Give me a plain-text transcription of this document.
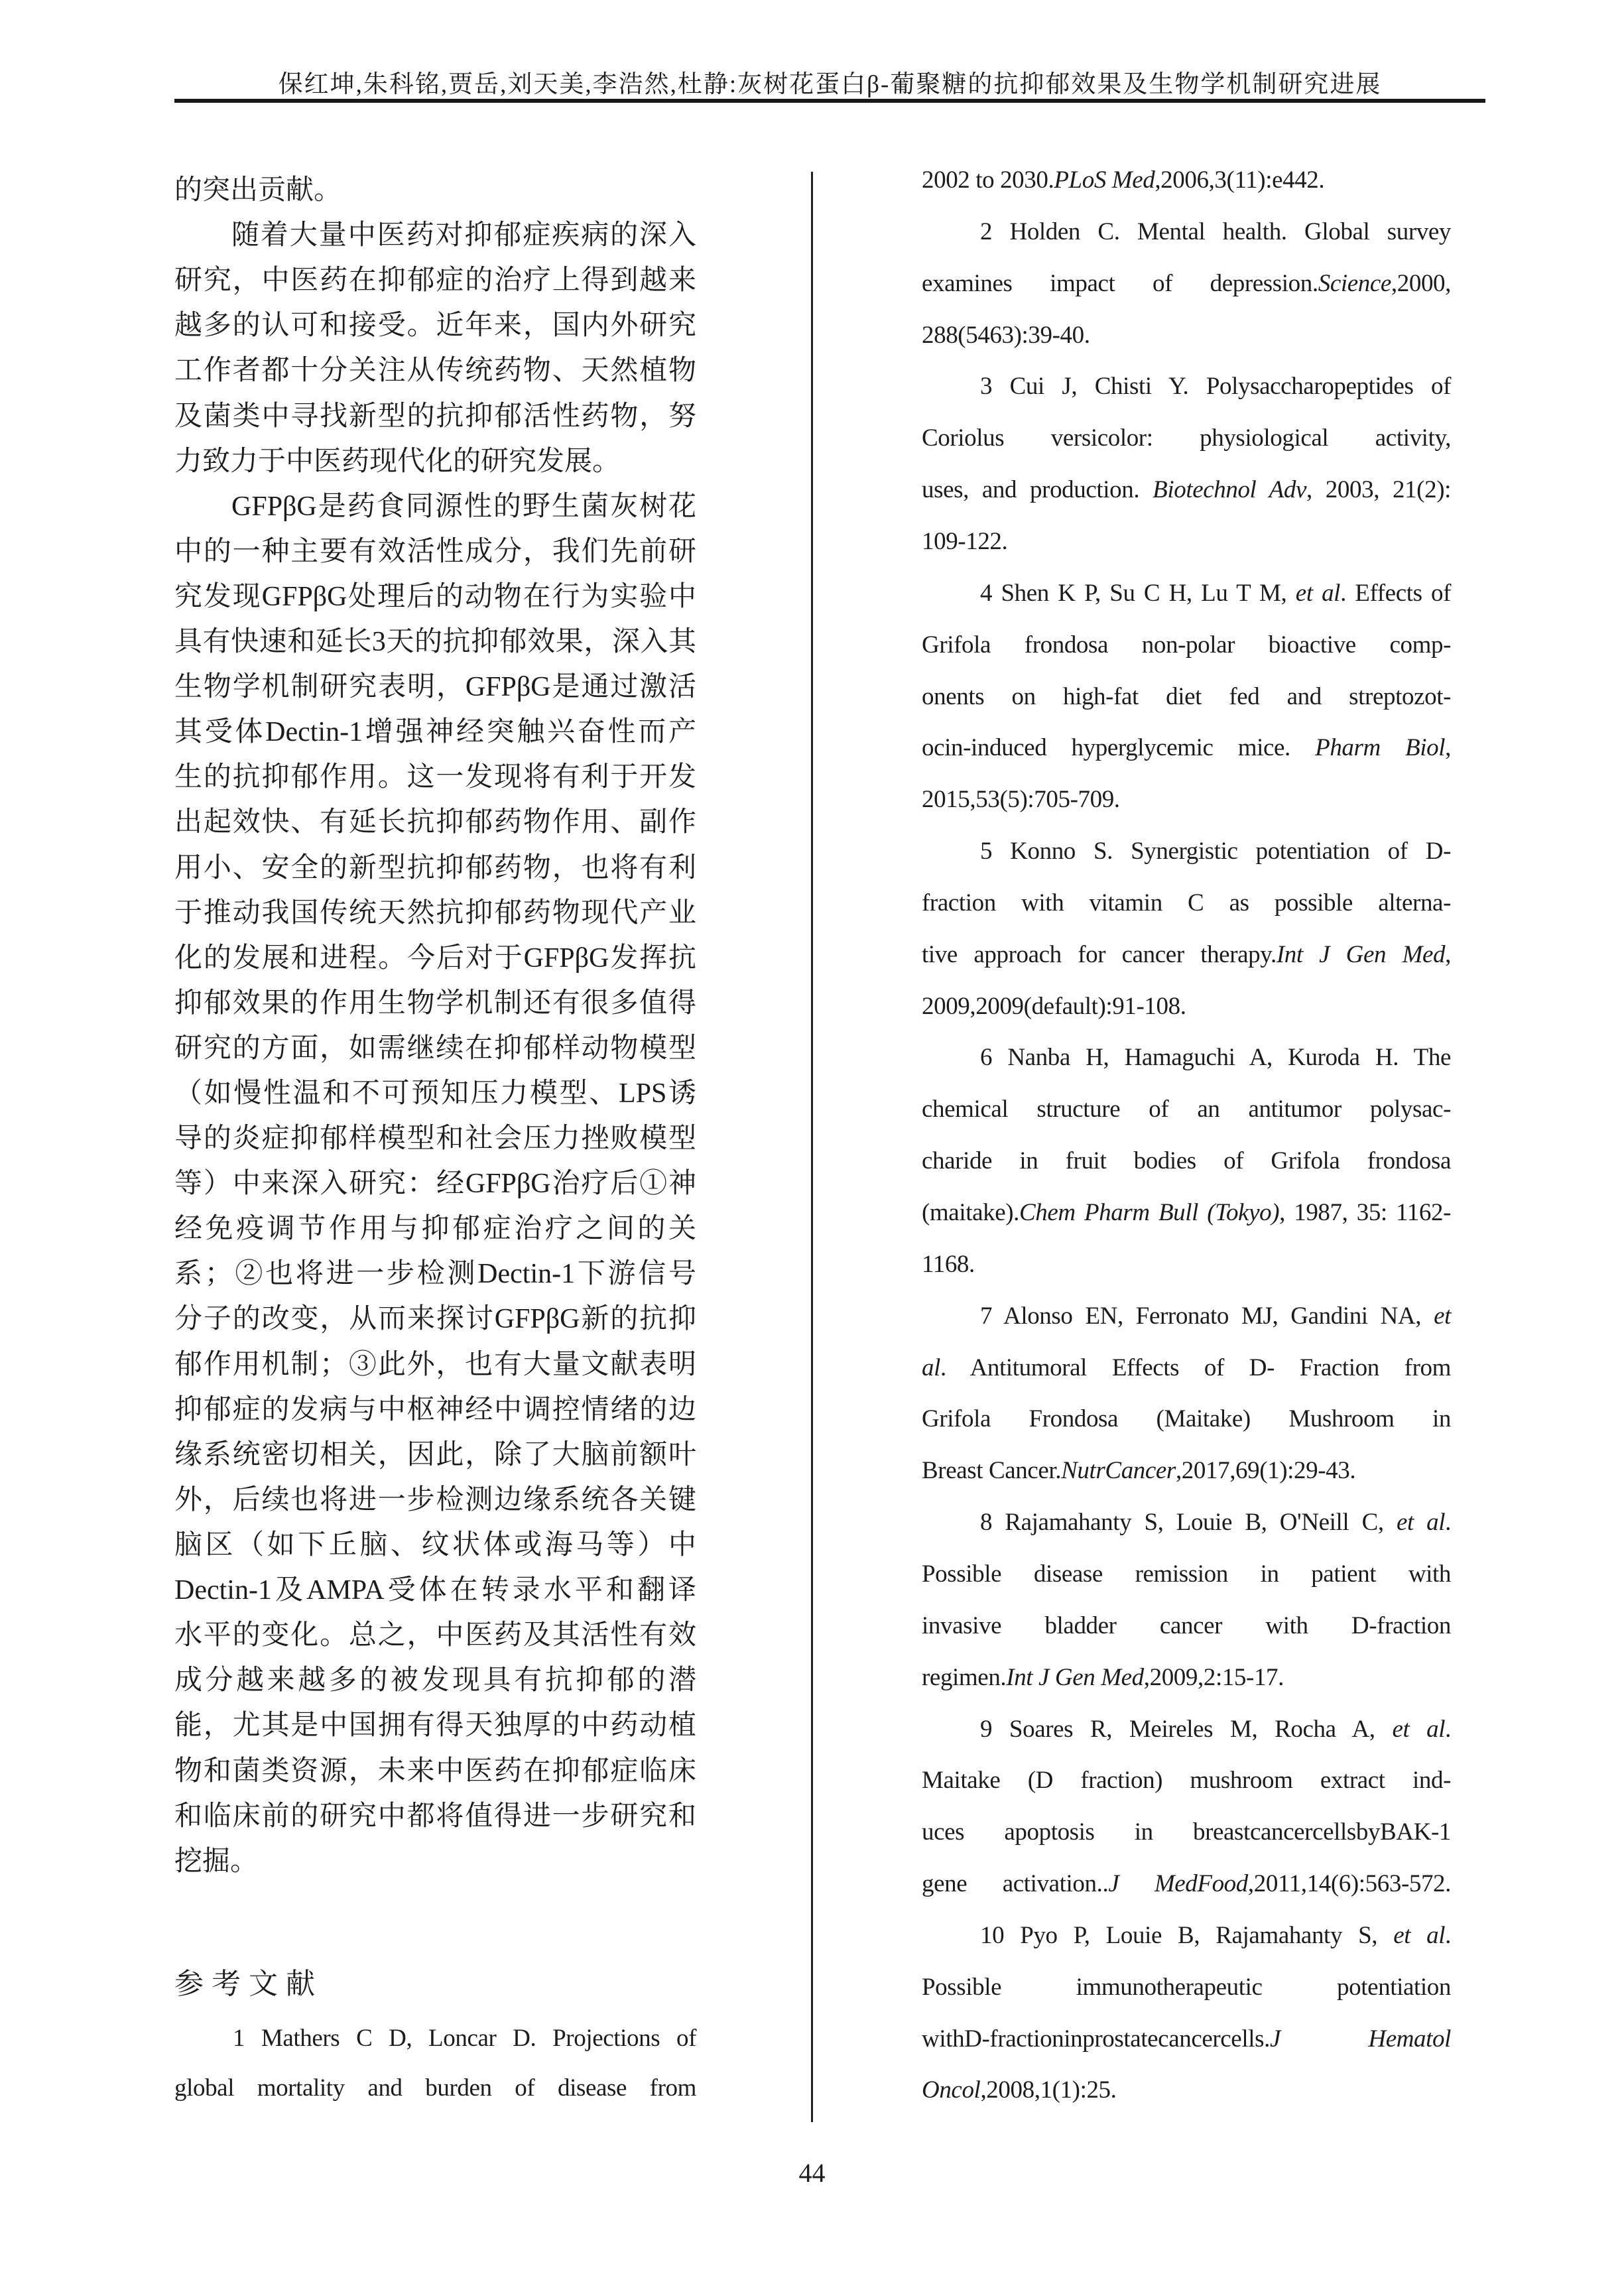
保红坤,朱科铭,贾岳,刘天美,李浩然,杜静:灰树花蛋白β-葡聚糖的抗抑郁效果及生物学机制研究进展
参考文献
的突出贡献。
随着大量中医药对抑郁症疾病的深入
研究，中医药在抑郁症的治疗上得到越来
越多的认可和接受。近年来，国内外研究
工作者都十分关注从传统药物、天然植物
及菌类中寻找新型的抗抑郁活性药物，努
力致力于中医药现代化的研究发展。
GFPβG是药食同源性的野生菌灰树花
中的一种主要有效活性成分，我们先前研
究发现GFPβG处理后的动物在行为实验中
具有快速和延长3天的抗抑郁效果，深入其
生物学机制研究表明，GFPβG是通过激活
其受体Dectin-1增强神经突触兴奋性而产
生的抗抑郁作用。这一发现将有利于开发
出起效快、有延长抗抑郁药物作用、副作
用小、安全的新型抗抑郁药物，也将有利
于推动我国传统天然抗抑郁药物现代产业
化的发展和进程。今后对于GFPβG发挥抗
抑郁效果的作用生物学机制还有很多值得
研究的方面，如需继续在抑郁样动物模型
（如慢性温和不可预知压力模型、LPS诱
导的炎症抑郁样模型和社会压力挫败模型
等）中来深入研究：经GFPβG治疗后①神
经免疫调节作用与抑郁症治疗之间的关
系；②也将进一步检测Dectin-1下游信号
分子的改变，从而来探讨GFPβG新的抗抑
郁作用机制；③此外，也有大量文献表明
抑郁症的发病与中枢神经中调控情绪的边
缘系统密切相关，因此，除了大脑前额叶
外，后续也将进一步检测边缘系统各关键
脑区（如下丘脑、纹状体或海马等）中
Dectin-1及AMPA受体在转录水平和翻译
水平的变化。总之，中医药及其活性有效
成分越来越多的被发现具有抗抑郁的潜
能，尤其是中国拥有得天独厚的中药动植
物和菌类资源，未来中医药在抑郁症临床
和临床前的研究中都将值得进一步研究和
挖掘。
1 Mathers C D, Loncar D. Projections of
global mortality and burden of disease from
2002 to 2030.PLoS Med,2006,3(11):e442.
2 Holden C. Mental health. Global survey
examines impact of depression.Science,2000,
288(5463):39-40.
3 Cui J, Chisti Y. Polysaccharopeptides of
Coriolus versicolor: physiological activity,
uses, and production. Biotechnol Adv, 2003, 21(2):
109-122.
4 Shen K P, Su C H, Lu T M, et al. Effects of
Grifola frondosa non-polar bioactive comp-
onents on high-fat diet fed and streptozot-
ocin-induced hyperglycemic mice. Pharm Biol,
2015,53(5):705-709.
5 Konno S. Synergistic potentiation of D-
fraction with vitamin C as possible alterna-
tive approach for cancer therapy.Int J Gen Med,
2009,2009(default):91-108.
6 Nanba H, Hamaguchi A, Kuroda H. The
chemical structure of an antitumor polysac-
charide in fruit bodies of Grifola frondosa
(maitake).Chem Pharm Bull (Tokyo), 1987, 35: 1162-
1168.
7 Alonso EN, Ferronato MJ, Gandini NA, et
al. Antitumoral Effects of D- Fraction from
Grifola Frondosa (Maitake) Mushroom in
Breast Cancer.NutrCancer,2017,69(1):29-43.
8 Rajamahanty S, Louie B, O'Neill C, et al.
Possible disease remission in patient with
invasive bladder cancer with D-fraction
regimen.Int J Gen Med,2009,2:15-17.
9 Soares R, Meireles M, Rocha A, et al.
Maitake (D fraction) mushroom extract ind-
uces apoptosis in breastcancercellsbyBAK-1
gene activation..J MedFood,2011,14(6):563-572.
10 Pyo P, Louie B, Rajamahanty S, et al.
Possible immunotherapeutic potentiation
withD-fractioninprostatecancercells.J Hematol
Oncol,2008,1(1):25.
44
